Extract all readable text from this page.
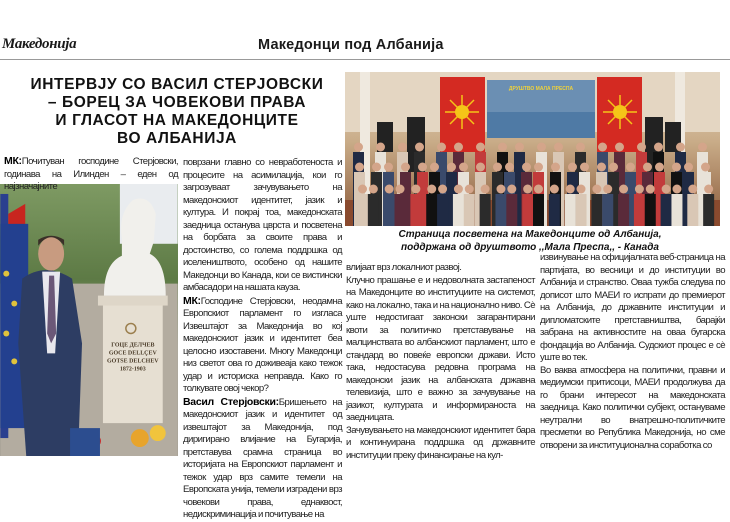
Македонија	Македонци под Албанија
ИНТЕРВЈУ СО ВАСИЛ СТЕРЈОВСКИ
– БОРЕЦ ЗА ЧОВЕКОВИ ПРАВА
И ГЛАСОТ НА МАКЕДОНЦИТЕ
ВО АЛБАНИЈА

МК:Почитуван господине Стерјовски, годинава на Илинден – еден од најзначајните

ГОЦЕ ДЕЛЧЕВ
GOCE DELLÇEV
GOTSE DELCHEV
1872-1903

поврзани главно со невработеноста и процесите на асимилација, кои го загрозуваат зачувувањето на македонскиот идентитет, јазик и култура. И покрај тоа, македонската заедница останува цврста и посветена на борбата за своите права и достоинство, со голема поддршка од иселеништвото, особено од нашите Македонци во Канада, кои се вистински амбасадори на нашата кауза.

МК:Господине Стерјовски, неодамна Европскиот парламент го изгласа Извештајот за Македонија во кој македонскиот јазик и идентитет беа целосно изоставени. Многу Македонци низ светот ова го доживеаја како тежок удар и историска неправда. Како го толкувате овој чекор?

Васил Стерјовски:Бришењето на македонскиот јазик и идентитет од извештајот за Македонија, под диригирано влијание на Бугарија, претставува срамна страница во историјата на Европскиот парламент и тежок удар врз самите темели на Европската унија, темели изградени врз човекови права, еднаквост, недискриминација и почитување на

ДРУШТВО МАЛА ПРЕСПА
Страница посветена на Македонците од Албанија,
поддржана од друштвото ,,Мала Преспа,, - Канада

влијаат врз локалниот развој.

Клучно прашање е и недоволната застапеност на Македонците во институциите на системот, како на локално, така и на национално ниво. Сè уште недостигаат законски загарантирани квоти за политичко претставување на малцинствата во албанскиот парламент, што е стандард во повеќе европски држави. Исто така, недостасува редовна програма на македонски јазик на албанската државна телевизија, што е важно за зачувување на јазикот, културата и информираноста на заедницата.

Зачувувањето на македонскиот идентитет бара и континуирана поддршка од државните институции преку финансирање на кул-

извинување на официјалната веб-страница на партијата, во весници и до институции во Албанија и странство. Оваа тужба следува по дописот што МАЕИ го испрати до премиерот на Албанија, до државните институции и дипломатските претставништва, барајќи забрана на активностите на оваа бугарска фондација во Албанија. Судскиот процес е сè уште во тек.

Во ваква атмосфера на политички, правни и медиумски притисоци, МАЕИ продолжува да го брани интересот на македонската заедница. Како политички субјект, остануваме неутрални во внатрешно-политичките пресметки во Република Македонија, но сме отворени за институционална соработка со
